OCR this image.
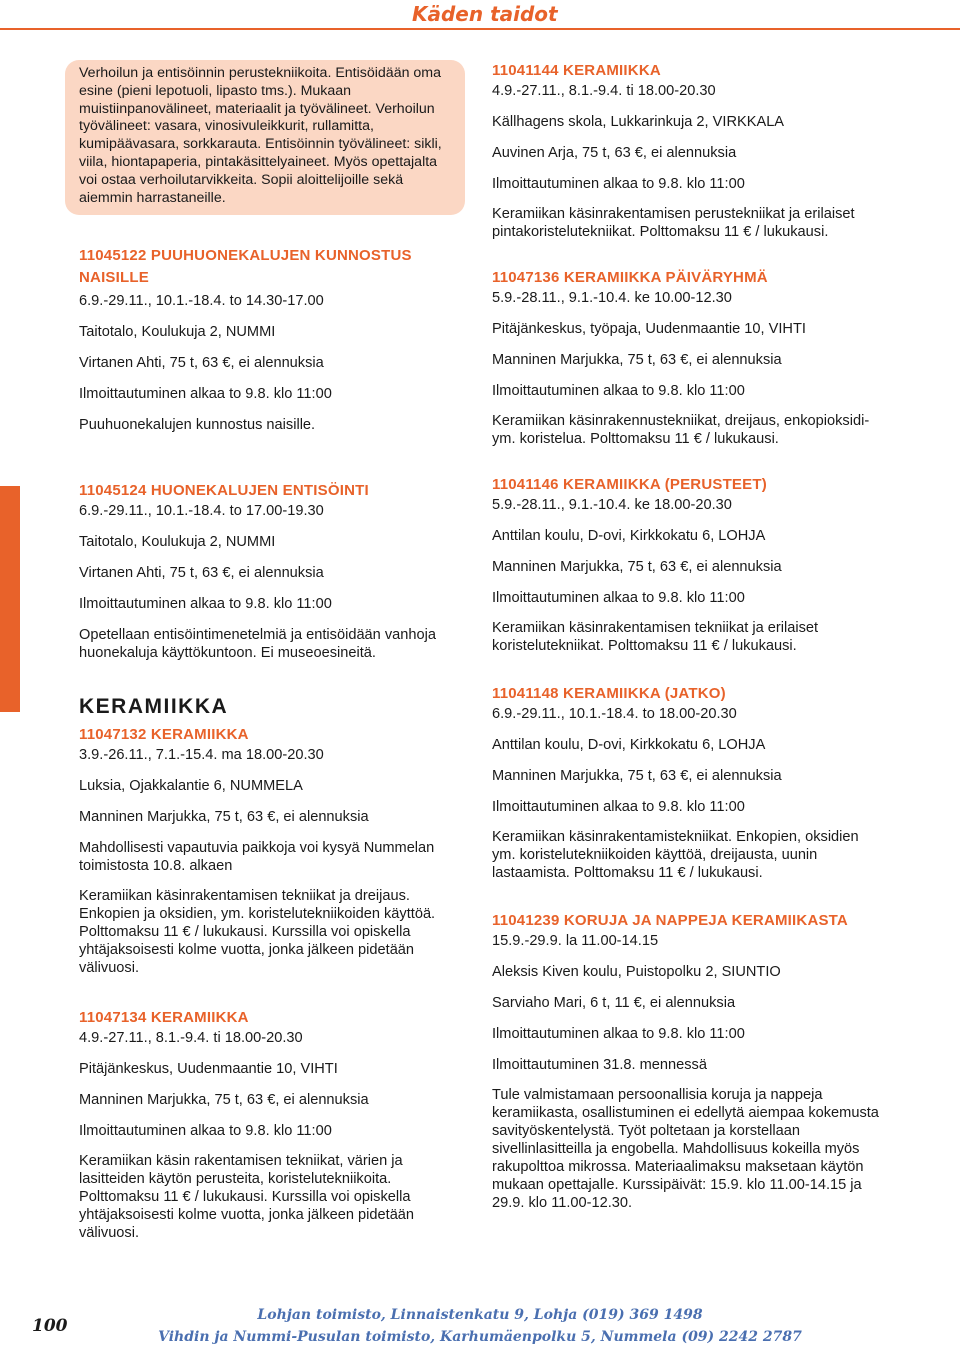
Käden taidot
Verhoilun ja entisöinnin perustekniikoita. Entisöidään oma esine (pieni lepotuoli, lipasto tms.). Mukaan muistiinpanovälineet, materiaalit ja työvälineet. Verhoilun työvälineet: vasara, vinosivuleikkurit, rullamitta, kumipäävasara, sorkkarauta. Entisöinnin työvälineet: sikli, viila, hiontapaperia, pintakäsittelyaineet. Myös opettajalta voi ostaa verhoilutarvikkeita. Sopii aloittelijoille sekä aiemmin harrastaneille.

11045122 PUUHUONEKALUJEN KUNNOSTUS NAISILLE

6.9.-29.11., 10.1.-18.4. to 14.30-17.00

Taitotalo, Koulukuja 2, NUMMI

Virtanen Ahti, 75 t, 63 €, ei alennuksia

Ilmoittautuminen alkaa to 9.8. klo 11:00

Puuhuonekalujen kunnostus naisille.

11045124 HUONEKALUJEN ENTISÖINTI

6.9.-29.11., 10.1.-18.4. to 17.00-19.30

Taitotalo, Koulukuja 2, NUMMI

Virtanen Ahti, 75 t, 63 €, ei alennuksia

Ilmoittautuminen alkaa to 9.8. klo 11:00

Opetellaan entisöintimenetelmiä ja entisöidään vanhoja huonekaluja käyttökuntoon. Ei museoesineitä.

KERAMIIKKA

11047132 KERAMIIKKA

3.9.-26.11., 7.1.-15.4. ma 18.00-20.30

Luksia, Ojakkalantie 6, NUMMELA

Manninen Marjukka, 75 t, 63 €, ei alennuksia

Mahdollisesti vapautuvia paikkoja voi kysyä Nummelan toimistosta 10.8. alkaen

Keramiikan käsinrakentamisen tekniikat ja dreijaus. Enkopien ja oksidien, ym. koristelutekniikoiden käyttöä. Polttomaksu 11 € / lukukausi. Kurssilla voi opiskella yhtäjaksoisesti kolme vuotta, jonka jälkeen pidetään välivuosi.

11047134 KERAMIIKKA

4.9.-27.11., 8.1.-9.4. ti 18.00-20.30

Pitäjänkeskus, Uudenmaantie 10, VIHTI

Manninen Marjukka, 75 t, 63 €, ei alennuksia

Ilmoittautuminen alkaa to 9.8. klo 11:00

Keramiikan käsin rakentamisen tekniikat, värien ja lasitteiden käytön perusteita, koristelutekniikoita. Polttomaksu 11 € / lukukausi. Kurssilla voi opiskella yhtäjaksoisesti kolme vuotta, jonka jälkeen pidetään välivuosi.

11041144 KERAMIIKKA

4.9.-27.11., 8.1.-9.4. ti 18.00-20.30

Källhagens skola, Lukkarinkuja 2, VIRKKALA

Auvinen Arja, 75 t, 63 €, ei alennuksia

Ilmoittautuminen alkaa to 9.8. klo 11:00

Keramiikan käsinrakentamisen perustekniikat ja erilaiset pintakoristelutekniikat. Polttomaksu 11 € / lukukausi.

11047136 KERAMIIKKA PÄIVÄRYHMÄ

5.9.-28.11., 9.1.-10.4. ke 10.00-12.30

Pitäjänkeskus, työpaja, Uudenmaantie 10, VIHTI

Manninen Marjukka, 75 t, 63 €, ei alennuksia

Ilmoittautuminen alkaa to 9.8. klo 11:00

Keramiikan käsinrakennustekniikat, dreijaus, enkopioksidi- ym. koristelua. Polttomaksu 11 € / lukukausi.

11041146 KERAMIIKKA (PERUSTEET)

5.9.-28.11., 9.1.-10.4. ke 18.00-20.30

Anttilan koulu, D-ovi, Kirkkokatu 6, LOHJA

Manninen Marjukka, 75 t, 63 €, ei alennuksia

Ilmoittautuminen alkaa to 9.8. klo 11:00

Keramiikan käsinrakentamisen tekniikat ja erilaiset koristelutekniikat. Polttomaksu 11 € / lukukausi.

11041148 KERAMIIKKA (JATKO)

6.9.-29.11., 10.1.-18.4. to 18.00-20.30

Anttilan koulu, D-ovi, Kirkkokatu 6, LOHJA

Manninen Marjukka, 75 t, 63 €, ei alennuksia

Ilmoittautuminen alkaa to 9.8. klo 11:00

Keramiikan käsinrakentamistekniikat. Enkopien, oksidien ym. koristelutekniikoiden käyttöä, dreijausta, uunin lastaamista. Polttomaksu 11 € / lukukausi.

11041239 KORUJA JA NAPPEJA KERAMIIKASTA

15.9.-29.9. la 11.00-14.15

Aleksis Kiven koulu, Puistopolku 2, SIUNTIO

Sarviaho Mari, 6 t, 11 €, ei alennuksia

Ilmoittautuminen alkaa to 9.8. klo 11:00

Ilmoittautuminen 31.8. mennessä

Tule valmistamaan persoonallisia koruja ja nappeja keramiikasta, osallistuminen ei edellytä aiempaa kokemusta savityöskentelystä. Työt poltetaan ja korstellaan sivellinlasitteilla ja engobella. Mahdollisuus kokeilla myös rakupolttoa mikrossa. Materiaalimaksu maksetaan käytön mukaan opettajalle. Kurssipäivät: 15.9. klo 11.00-14.15 ja 29.9. klo 11.00-12.30.

100
Lohjan toimisto, Linnaistenkatu 9, Lohja (019) 369 1498
Vihdin ja Nummi-Pusulan toimisto, Karhumäenpolku 5, Nummela (09) 2242 2787
